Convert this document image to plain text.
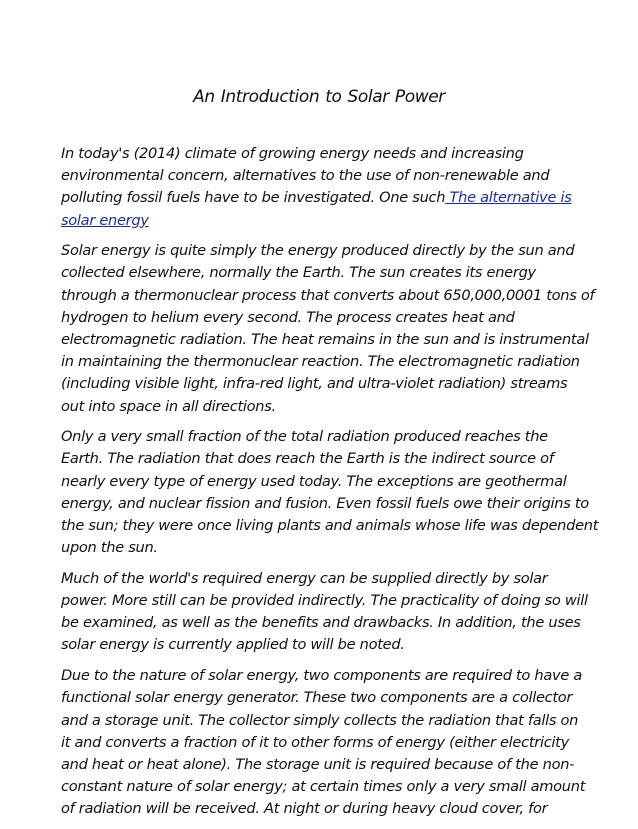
An Introduction to Solar Power

In today's (2014) climate of growing energy needs and increasing
environmental concern, alternatives to the use of non-renewable and
polluting fossil fuels have to be investigated. One such The alternative is
solar energy

Solar energy is quite simply the energy produced directly by the sun and
collected elsewhere, normally the Earth. The sun creates its energy
through a thermonuclear process that converts about 650,000,0001 tons of
hydrogen to helium every second. The process creates heat and
electromagnetic radiation. The heat remains in the sun and is instrumental
in maintaining the thermonuclear reaction. The electromagnetic radiation
(including visible light, infra-red light, and ultra-violet radiation) streams
out into space in all directions.

Only a very small fraction of the total radiation produced reaches the
Earth. The radiation that does reach the Earth is the indirect source of
nearly every type of energy used today. The exceptions are geothermal
energy, and nuclear fission and fusion. Even fossil fuels owe their origins to
the sun; they were once living plants and animals whose life was dependent
upon the sun.

Much of the world's required energy can be supplied directly by solar
power. More still can be provided indirectly. The practicality of doing so will
be examined, as well as the benefits and drawbacks. In addition, the uses
solar energy is currently applied to will be noted.

Due to the nature of solar energy, two components are required to have a
functional solar energy generator. These two components are a collector
and a storage unit. The collector simply collects the radiation that falls on
it and converts a fraction of it to other forms of energy (either electricity
and heat or heat alone). The storage unit is required because of the non-
constant nature of solar energy; at certain times only a very small amount
of radiation will be received. At night or during heavy cloud cover, for
